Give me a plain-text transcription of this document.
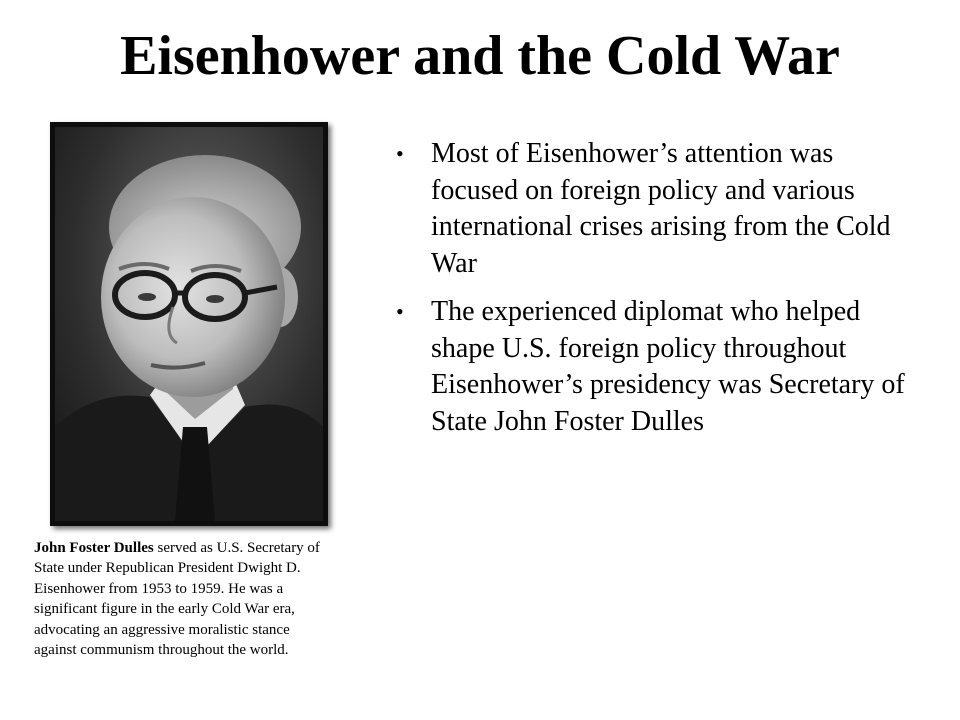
Eisenhower and the Cold War

John Foster Dulles served as U.S. Secretary of State under Republican President Dwight D. Eisenhower from 1953 to 1959. He was a significant figure in the early Cold War era, advocating an aggressive moralistic stance against communism throughout the world.

• Most of Eisenhower’s attention was focused on foreign policy and various international crises arising from the Cold War
• The experienced diplomat who helped shape U.S. foreign policy throughout Eisenhower’s presidency was Secretary of State John Foster Dulles
